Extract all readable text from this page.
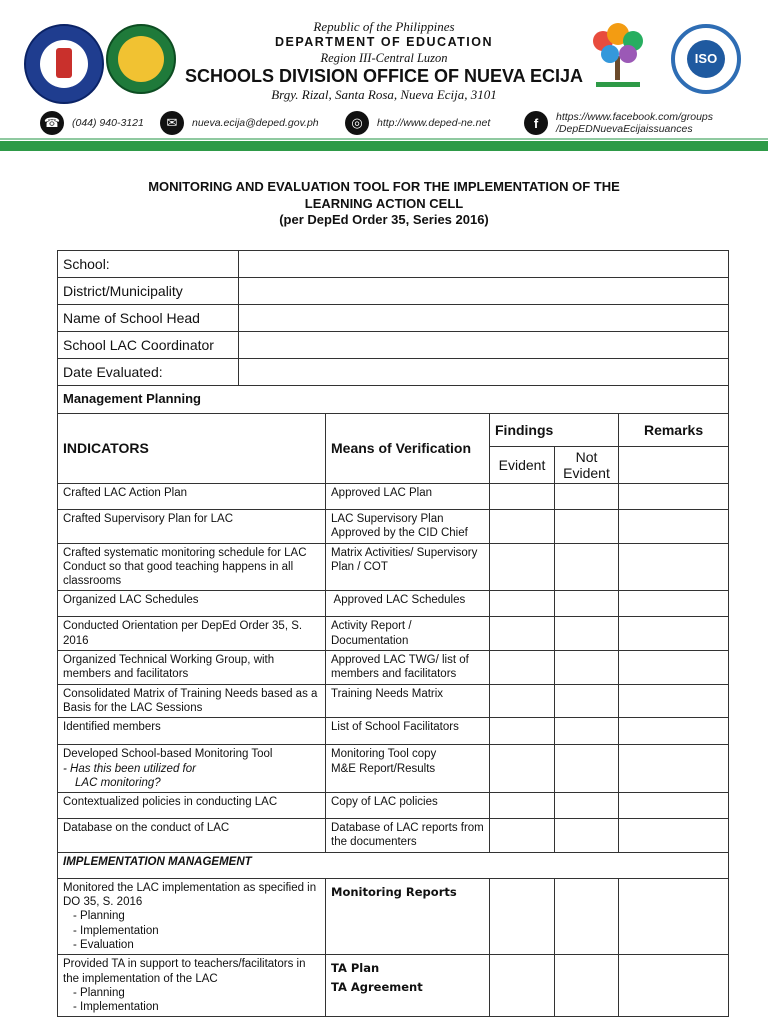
Republic of the Philippines
DEPARTMENT OF EDUCATION
Region III-Central Luzon
SCHOOLS DIVISION OFFICE OF NUEVA ECIJA
Brgy. Rizal, Santa Rosa, Nueva Ecija, 3101
ISO
☎	(044) 940-3121	✉	nueva.ecija@deped.gov.ph	◎	http://www.deped-ne.net	f	https://www.facebook.com/groups
/DepEDNuevaEcijaissuances
MONITORING AND EVALUATION TOOL FOR THE IMPLEMENTATION OF THE
LEARNING ACTION CELL
(per DepEd Order 35, Series 2016)
School:					
District/Municipality					
Name of School Head					
School LAC Coordinator					
Date Evaluated:					
Management Planning					
INDICATORS		Means of Verification	Findings		Remarks
			Evident	Not Evident	
Crafted LAC Action Plan		Approved LAC Plan			
Crafted Supervisory Plan for LAC		LAC Supervisory Plan Approved by the CID Chief			
Crafted systematic monitoring schedule for LAC Conduct so that good teaching happens in all classrooms		Matrix Activities/ Supervisory Plan / COT			
Organized LAC Schedules		Approved LAC Schedules			
Conducted Orientation per DepEd Order 35, S. 2016		Activity Report / Documentation			
Organized Technical Working Group, with members and facilitators		Approved LAC TWG/ list of members and facilitators			
Consolidated Matrix of Training Needs based as a Basis for the LAC Sessions		Training Needs Matrix			
Identified members		List of School Facilitators			
Developed School-based Monitoring Tool
- Has this been utilized for
LAC monitoring?		Monitoring Tool copy
M&E Report/Results			

Contextualized policies in conducting LAC		Copy of LAC policies			
Database on the conduct of LAC		Database of LAC reports from the documenters			
IMPLEMENTATION MANAGEMENT					
Monitored the LAC implementation as specified in DO 35, S. 2016
- Planning
- Implementation
- Evaluation		Monitoring Reports			

Provided TA in support to teachers/facilitators in the implementation of the LAC
- Planning
- Implementation		TA Plan
TA Agreement			
